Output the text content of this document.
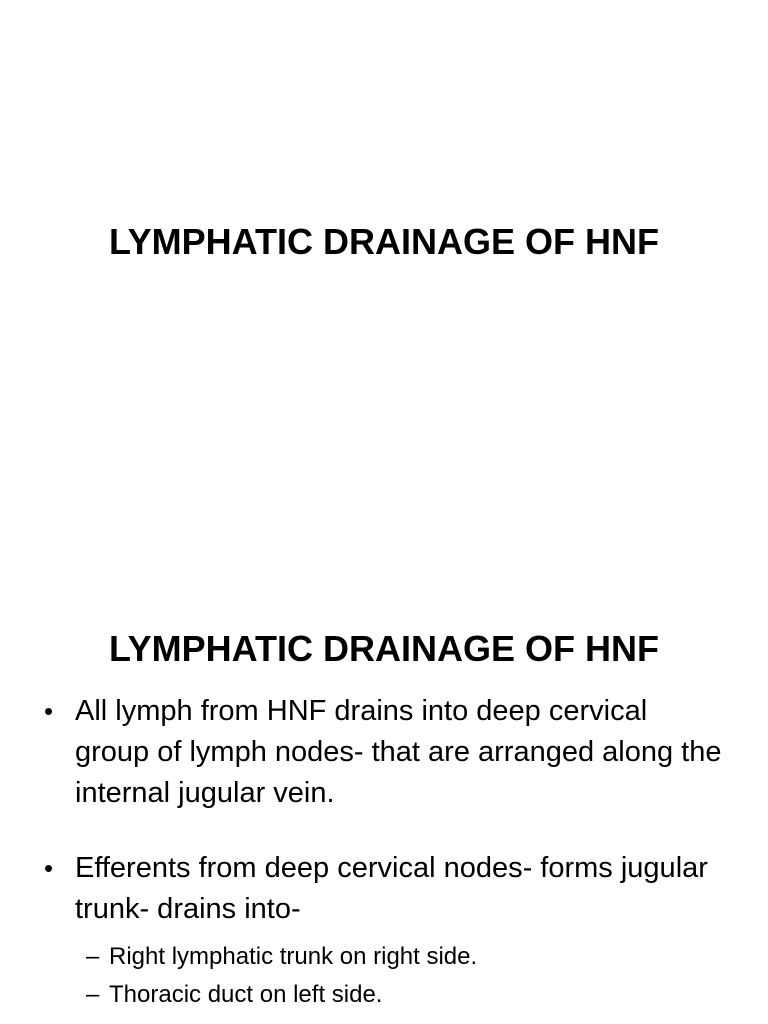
LYMPHATIC DRAINAGE OF HNF
LYMPHATIC DRAINAGE OF HNF
• All lymph from HNF drains into deep cervical group of lymph nodes- that are arranged along the internal jugular vein.
• Efferents from deep cervical nodes- forms jugular trunk- drains into-
– Right lymphatic trunk on right side.
– Thoracic duct on left side.
